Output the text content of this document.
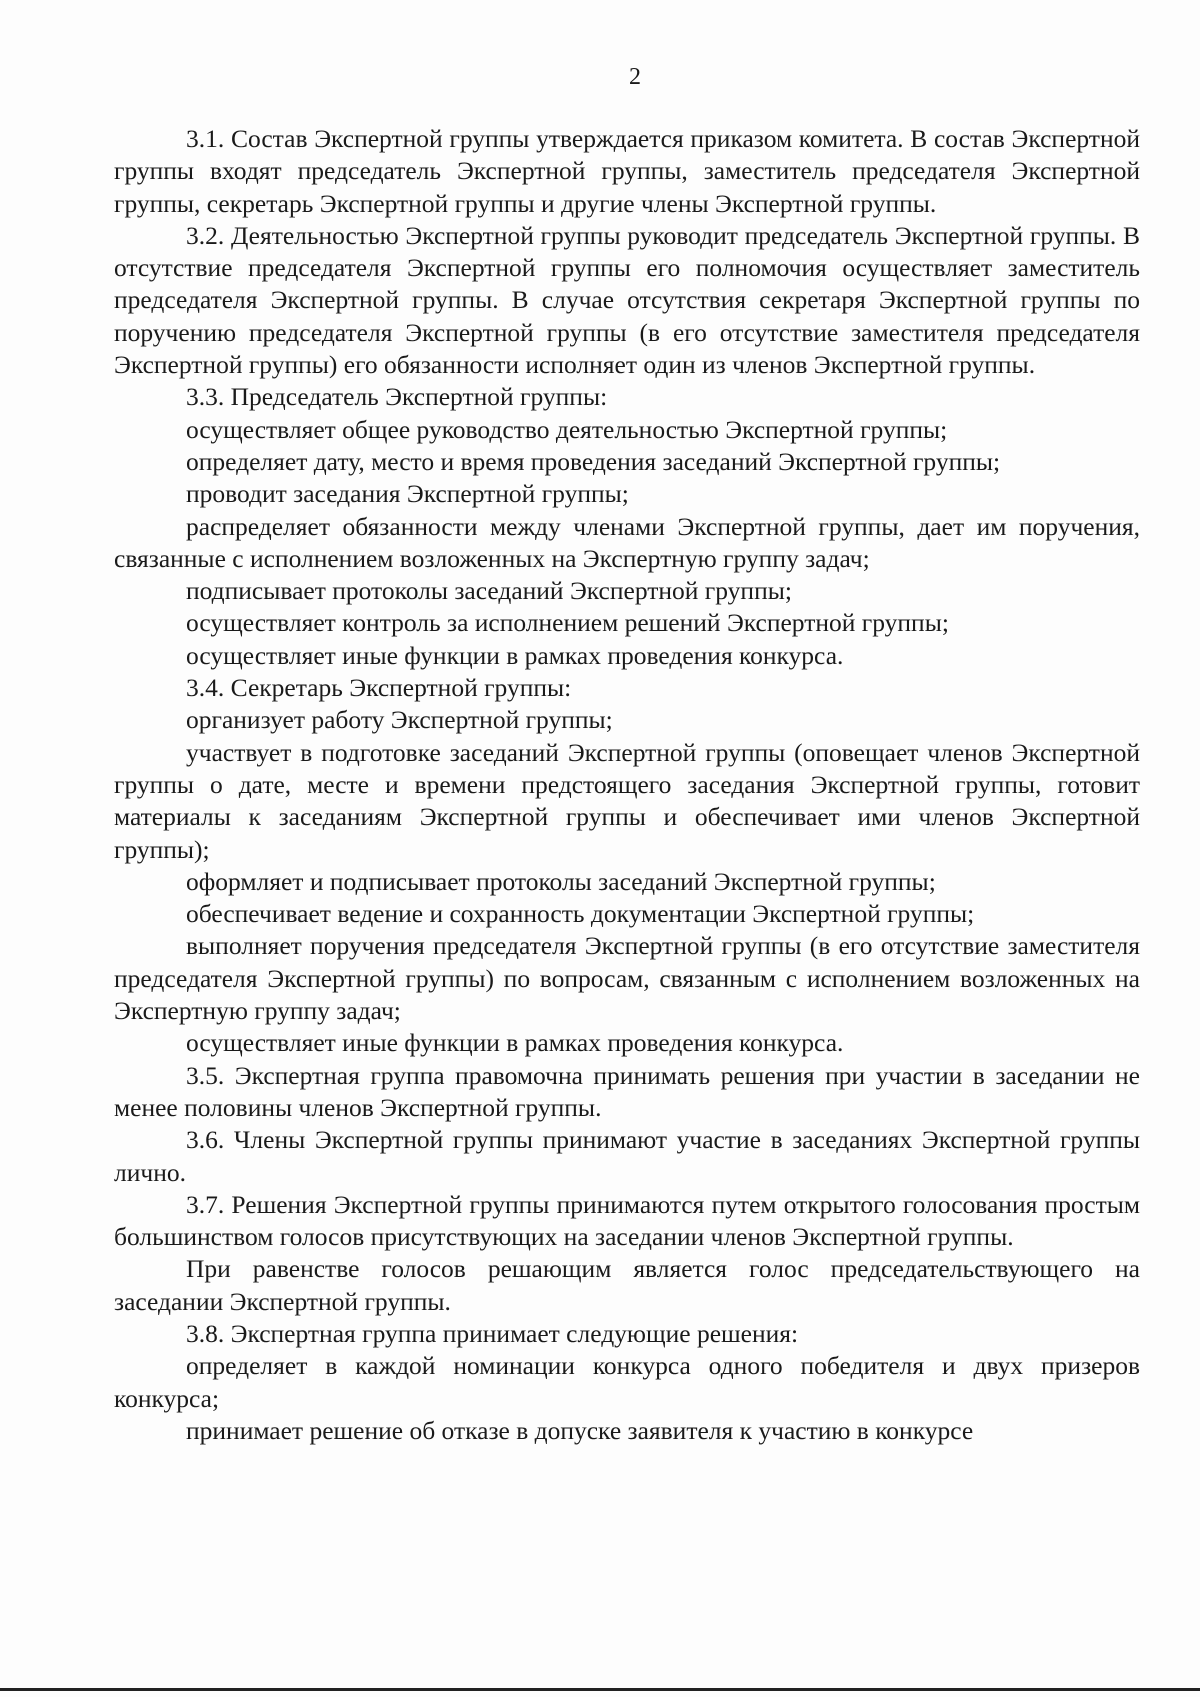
2

3.1. Состав Экспертной группы утверждается приказом комитета. В состав Экспертной группы входят председатель Экспертной группы, заместитель председателя Экспертной группы, секретарь Экспертной группы и другие члены Экспертной группы.

3.2. Деятельностью Экспертной группы руководит председатель Экспертной группы. В отсутствие председателя Экспертной группы его полномочия осуществляет заместитель председателя Экспертной группы. В случае отсутствия секретаря Экспертной группы по поручению председателя Экспертной группы (в его отсутствие заместителя председателя Экспертной группы) его обязанности исполняет один из членов Экспертной группы.

3.3. Председатель Экспертной группы:

осуществляет общее руководство деятельностью Экспертной группы;

определяет дату, место и время проведения заседаний Экспертной группы;

проводит заседания Экспертной группы;

распределяет обязанности между членами Экспертной группы, дает им поручения, связанные с исполнением возложенных на Экспертную группу задач;

подписывает протоколы заседаний Экспертной группы;

осуществляет контроль за исполнением решений Экспертной группы;

осуществляет иные функции в рамках проведения конкурса.

3.4. Секретарь Экспертной группы:

организует работу Экспертной группы;

участвует в подготовке заседаний Экспертной группы (оповещает членов Экспертной группы о дате, месте и времени предстоящего заседания Экспертной группы, готовит материалы к заседаниям Экспертной группы и обеспечивает ими членов Экспертной группы);

оформляет и подписывает протоколы заседаний Экспертной группы;

обеспечивает ведение и сохранность документации Экспертной группы;

выполняет поручения председателя Экспертной группы (в его отсутствие заместителя председателя Экспертной группы) по вопросам, связанным с исполнением возложенных на Экспертную группу задач;

осуществляет иные функции в рамках проведения конкурса.

3.5. Экспертная группа правомочна принимать решения при участии в заседании не менее половины членов Экспертной группы.

3.6. Члены Экспертной группы принимают участие в заседаниях Экспертной группы лично.

3.7. Решения Экспертной группы принимаются путем открытого голосования простым большинством голосов присутствующих на заседании членов Экспертной группы.

При равенстве голосов решающим является голос председательствующего на заседании Экспертной группы.

3.8. Экспертная группа принимает следующие решения:

определяет в каждой номинации конкурса одного победителя и двух призеров конкурса;

принимает решение об отказе в допуске заявителя к участию в конкурсе
